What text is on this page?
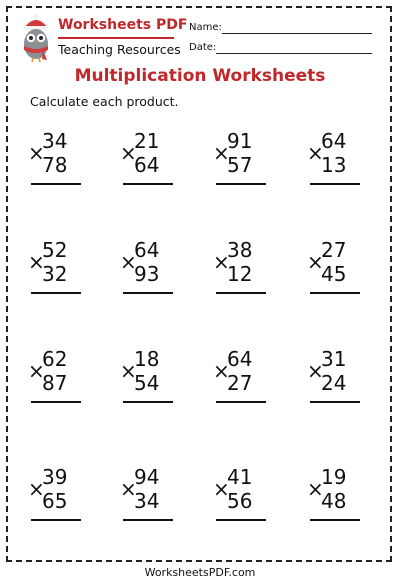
Worksheets PDF
Teaching Resources
Name:
Date:
Multiplication Worksheets
Calculate each product.
×
34
78	×
21
64	×
91
57	×
64
13
×
52
32	×
64
93	×
38
12	×
27
45
×
62
87	×
18
54	×
64
27	×
31
24
×
39
65	×
94
34	×
41
56	×
19
48
WorksheetsPDF.com
